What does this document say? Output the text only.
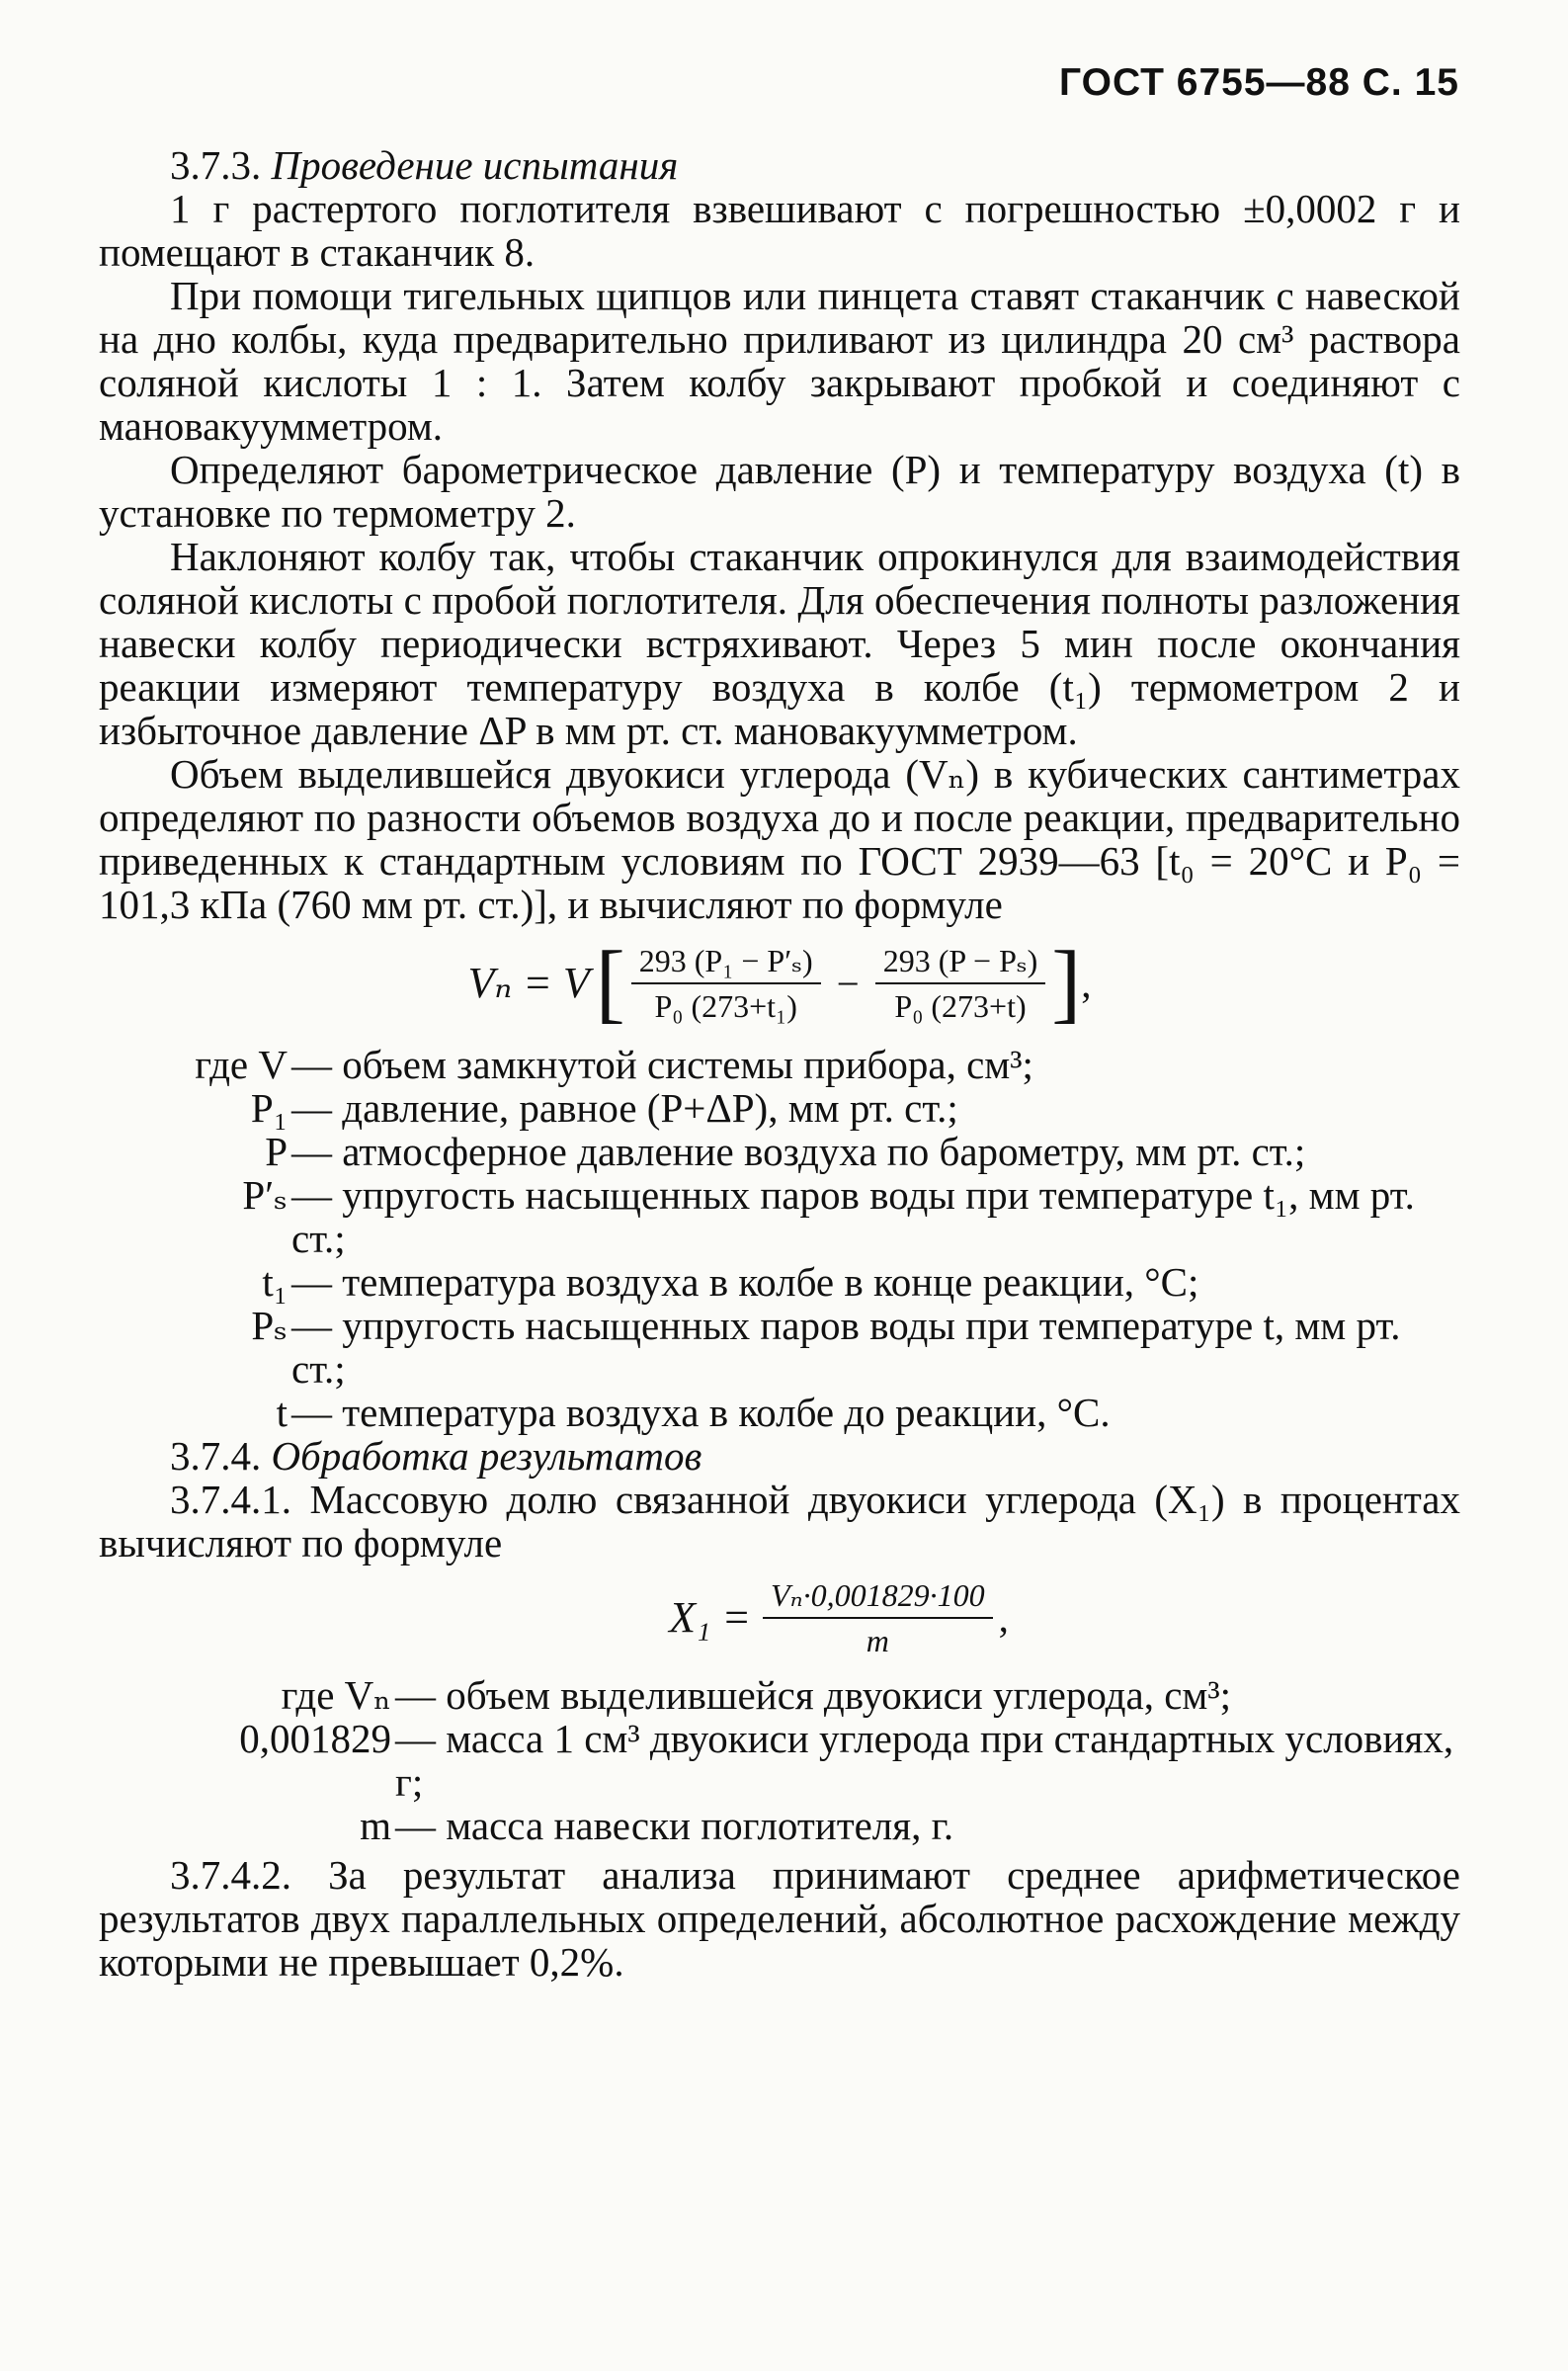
ГОСТ 6755—88 С. 15

3.7.3. Проведение испытания

1 г растертого поглотителя взвешивают с погрешностью ±0,0002 г и помещают в стаканчик 8.

При помощи тигельных щипцов или пинцета ставят стаканчик с навеской на дно колбы, куда предварительно приливают из цилиндра 20 см³ раствора соляной кислоты 1 : 1. Затем колбу закрывают пробкой и соединяют с мановакуумметром.

Определяют барометрическое давление (P) и температуру воздуха (t) в установке по термометру 2.

Наклоняют колбу так, чтобы стаканчик опрокинулся для взаимодействия соляной кислоты с пробой поглотителя. Для обеспечения полноты разложения навески колбу периодически встряхивают. Через 5 мин после окончания реакции измеряют температуру воздуха в колбе (t₁) термометром 2 и избыточное давление ΔP в мм рт. ст. мановакуумметром.

Объем выделившейся двуокиси углерода (Vₙ) в кубических сантиметрах определяют по разности объемов воздуха до и после реакции, предварительно приведенных к стандартным условиям по ГОСТ 2939—63 [t₀ = 20°С и P₀ = 101,3 кПа (760 мм рт. ст.)], и вычисляют по формуле

Vₙ = V [ $\frac{\text{293 (P₁ − P′ₛ)}}{\text{P₀ (273+t₁)}} - \frac{\text{293 (P − Pₛ)}}{\text{P₀ (273+t)}}$ ] ,
где V — объем замкнутой системы прибора, см³;
P₁ — давление, равное (P+ΔP), мм рт. ст.;
P — атмосферное давление воздуха по барометру, мм рт. ст.;
P′ₛ — упругость насыщенных паров воды при температуре t₁, мм рт. ст.;
t₁ — температура воздуха в колбе в конце реакции, °С;
Pₛ — упругость насыщенных паров воды при температуре t, мм рт. ст.;
t — температура воздуха в колбе до реакции, °С.

3.7.4. Обработка результатов

3.7.4.1. Массовую долю связанной двуокиси углерода (X₁) в процентах вычисляют по формуле

$X_1 = \frac{\text{Vₙ·0,001829·100}}{m}$ ,
где Vₙ — объем выделившейся двуокиси углерода, см³;
0,001829 — масса 1 см³ двуокиси углерода при стандартных условиях, г;
m — масса навески поглотителя, г.

3.7.4.2. За результат анализа принимают среднее арифметическое результатов двух параллельных определений, абсолютное расхождение между которыми не превышает 0,2%.
